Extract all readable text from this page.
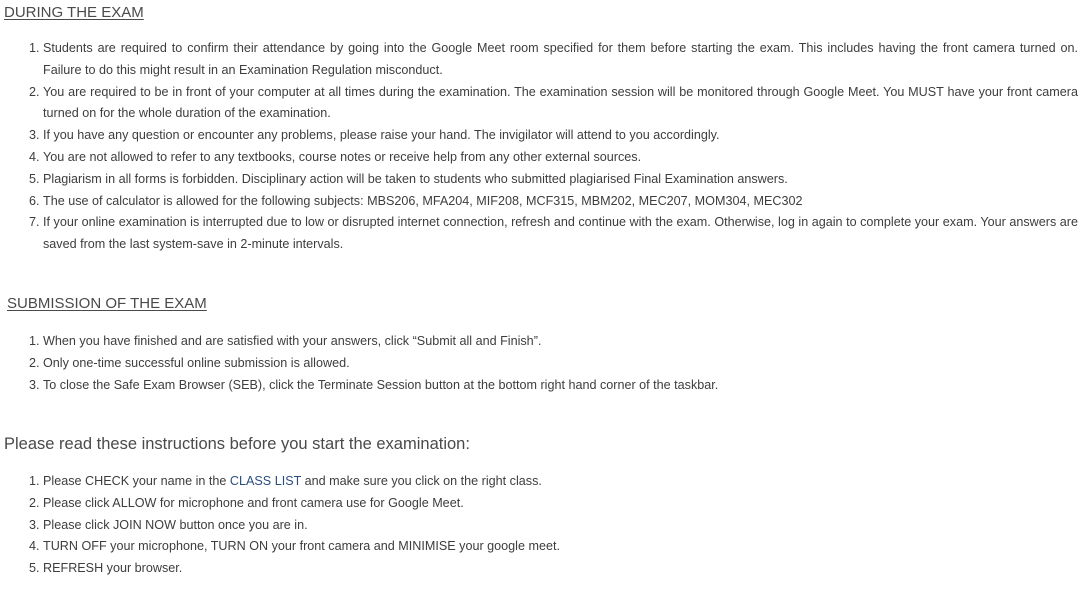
DURING THE EXAM
1. Students are required to confirm their attendance by going into the Google Meet room specified for them before starting the exam. This includes having the front camera turned on. Failure to do this might result in an Examination Regulation misconduct.
2. You are required to be in front of your computer at all times during the examination. The examination session will be monitored through Google Meet. You MUST have your front camera turned on for the whole duration of the examination.
3. If you have any question or encounter any problems, please raise your hand. The invigilator will attend to you accordingly.
4. You are not allowed to refer to any textbooks, course notes or receive help from any other external sources.
5. Plagiarism in all forms is forbidden. Disciplinary action will be taken to students who submitted plagiarised Final Examination answers.
6. The use of calculator is allowed for the following subjects: MBS206, MFA204, MIF208, MCF315, MBM202, MEC207, MOM304, MEC302
7. If your online examination is interrupted due to low or disrupted internet connection, refresh and continue with the exam. Otherwise, log in again to complete your exam. Your answers are saved from the last system-save in 2-minute intervals.
SUBMISSION OF THE EXAM
1. When you have finished and are satisfied with your answers, click “Submit all and Finish”.
2. Only one-time successful online submission is allowed.
3. To close the Safe Exam Browser (SEB), click the Terminate Session button at the bottom right hand corner of the taskbar.
Please read these instructions before you start the examination:
1. Please CHECK your name in the CLASS LIST and make sure you click on the right class.
2. Please click ALLOW for microphone and front camera use for Google Meet.
3. Please click JOIN NOW button once you are in.
4. TURN OFF your microphone, TURN ON your front camera and MINIMISE your google meet.
5. REFRESH your browser.
